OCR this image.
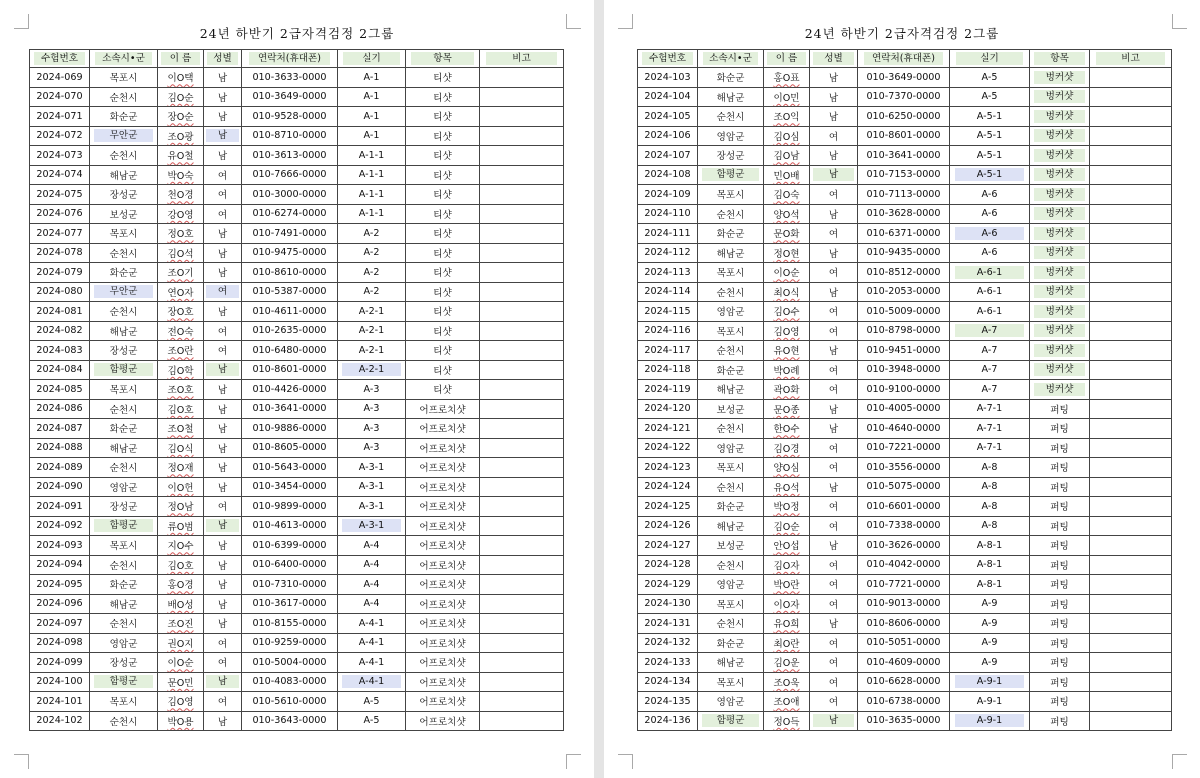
24년 하반기 2급자격검정 2그룹
수험번호	소속시•군	이 름	성별	연락처(휴대폰)	실기	항목	비고
2024-069	목포시	이O택	남	010-3633-0000	A-1	티샷	
2024-070	순천시	김O순	남	010-3649-0000	A-1	티샷	
2024-071	화순군	장O순	남	010-9528-0000	A-1	티샷	
2024-072	무안군	조O광	남	010-8710-0000	A-1	티샷	
2024-073	순천시	유O철	남	010-3613-0000	A-1-1	티샷	
2024-074	해남군	박O숙	여	010-7666-0000	A-1-1	티샷	
2024-075	장성군	천O경	여	010-3000-0000	A-1-1	티샷	
2024-076	보성군	강O영	여	010-6274-0000	A-1-1	티샷	
2024-077	목포시	정O호	남	010-7491-0000	A-2	티샷	
2024-078	순천시	김O석	남	010-9475-0000	A-2	티샷	
2024-079	화순군	조O기	남	010-8610-0000	A-2	티샷	
2024-080	무안군	연O자	여	010-5387-0000	A-2	티샷	
2024-081	순천시	장O호	남	010-4611-0000	A-2-1	티샷	
2024-082	해남군	전O숙	여	010-2635-0000	A-2-1	티샷	
2024-083	장성군	조O란	여	010-6480-0000	A-2-1	티샷	
2024-084	함평군	김O학	남	010-8601-0000	A-2-1	티샷	
2024-085	목포시	조O호	남	010-4426-0000	A-3	티샷	
2024-086	순천시	김O호	남	010-3641-0000	A-3	어프로치샷	
2024-087	화순군	조O철	남	010-9886-0000	A-3	어프로치샷	
2024-088	해남군	김O식	남	010-8605-0000	A-3	어프로치샷	
2024-089	순천시	정O재	남	010-5643-0000	A-3-1	어프로치샷	
2024-090	영암군	이O헌	남	010-3454-0000	A-3-1	어프로치샷	
2024-091	장성군	정O남	여	010-9899-0000	A-3-1	어프로치샷	
2024-092	함평군	류O범	남	010-4613-0000	A-3-1	어프로치샷	
2024-093	목포시	지O수	남	010-6399-0000	A-4	어프로치샷	
2024-094	순천시	김O호	남	010-6400-0000	A-4	어프로치샷	
2024-095	화순군	홍O경	남	010-7310-0000	A-4	어프로치샷	
2024-096	해남군	배O성	남	010-3617-0000	A-4	어프로치샷	
2024-097	순천시	조O진	남	010-8155-0000	A-4-1	어프로치샷	
2024-098	영암군	권O지	여	010-9259-0000	A-4-1	어프로치샷	
2024-099	장성군	이O순	여	010-5004-0000	A-4-1	어프로치샷	
2024-100	함평군	문O민	남	010-4083-0000	A-4-1	어프로치샷	
2024-101	목포시	김O영	여	010-5610-0000	A-5	어프로치샷	
2024-102	순천시	박O용	남	010-3643-0000	A-5	어프로치샷	
24년 하반기 2급자격검정 2그룹
수험번호	소속시•군	이 름	성별	연락처(휴대폰)	실기	항목	비고
2024-103	화순군	홍O표	남	010-3649-0000	A-5	벙커샷	
2024-104	해남군	이O민	남	010-7370-0000	A-5	벙커샷	
2024-105	순천시	조O익	남	010-6250-0000	A-5-1	벙커샷	
2024-106	영암군	김O심	여	010-8601-0000	A-5-1	벙커샷	
2024-107	장성군	김O남	남	010-3641-0000	A-5-1	벙커샷	
2024-108	함평군	민O배	남	010-7153-0000	A-5-1	벙커샷	
2024-109	목포시	김O숙	여	010-7113-0000	A-6	벙커샷	
2024-110	순천시	양O석	남	010-3628-0000	A-6	벙커샷	
2024-111	화순군	문O화	여	010-6371-0000	A-6	벙커샷	
2024-112	해남군	정O현	남	010-9435-0000	A-6	벙커샷	
2024-113	목포시	이O순	여	010-8512-0000	A-6-1	벙커샷	
2024-114	순천시	최O식	남	010-2053-0000	A-6-1	벙커샷	
2024-115	영암군	김O수	여	010-5009-0000	A-6-1	벙커샷	
2024-116	목포시	김O영	여	010-8798-0000	A-7	벙커샷	
2024-117	순천시	유O현	남	010-9451-0000	A-7	벙커샷	
2024-118	화순군	박O례	여	010-3948-0000	A-7	벙커샷	
2024-119	해남군	곽O화	여	010-9100-0000	A-7	벙커샷	
2024-120	보성군	문O종	남	010-4005-0000	A-7-1	퍼팅	
2024-121	순천시	한O수	남	010-4640-0000	A-7-1	퍼팅	
2024-122	영암군	김O경	여	010-7221-0000	A-7-1	퍼팅	
2024-123	목포시	양O심	여	010-3556-0000	A-8	퍼팅	
2024-124	순천시	유O석	남	010-5075-0000	A-8	퍼팅	
2024-125	화순군	박O정	여	010-6601-0000	A-8	퍼팅	
2024-126	해남군	김O순	여	010-7338-0000	A-8	퍼팅	
2024-127	보성군	안O섭	남	010-3626-0000	A-8-1	퍼팅	
2024-128	순천시	김O자	여	010-4042-0000	A-8-1	퍼팅	
2024-129	영암군	박O란	여	010-7721-0000	A-8-1	퍼팅	
2024-130	목포시	이O자	여	010-9013-0000	A-9	퍼팅	
2024-131	순천시	유O희	남	010-8606-0000	A-9	퍼팅	
2024-132	화순군	최O란	여	010-5051-0000	A-9	퍼팅	
2024-133	해남군	김O운	여	010-4609-0000	A-9	퍼팅	
2024-134	목포시	조O욱	여	010-6628-0000	A-9-1	퍼팅	
2024-135	영암군	조O애	여	010-6738-0000	A-9-1	퍼팅	
2024-136	함평군	정O득	남	010-3635-0000	A-9-1	퍼팅	
